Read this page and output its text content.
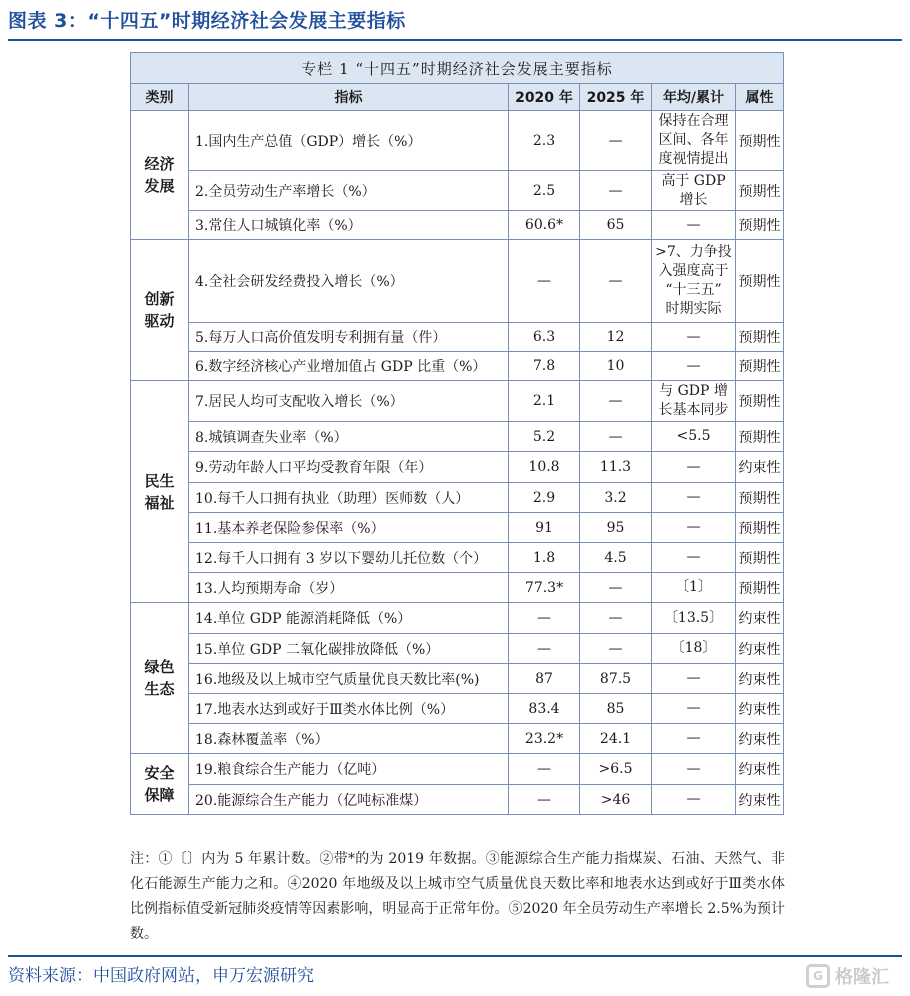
图表 3：“十四五”时期经济社会发展主要指标
专栏 1 “十四五”时期经济社会发展主要指标					
类别	指标	2020 年	2025 年	年均/累计	属性
经济
发展	1.国内生产总值（GDP）增长（%）	2.3	—	保持在合理
区间、各年
度视情提出	预期性
	2.全员劳动生产率增长（%）	2.5	—	高于 GDP
增长	预期性
	3.常住人口城镇化率（%）	60.6*	65	—	预期性
创新
驱动	4.全社会研发经费投入增长（%）	—	—	>7、力争投
入强度高于
“十三五”
时期实际	预期性
	5.每万人口高价值发明专利拥有量（件）	6.3	12	—	预期性
	6.数字经济核心产业增加值占 GDP 比重（%）	7.8	10	—	预期性
民生
福祉	7.居民人均可支配收入增长（%）	2.1	—	与 GDP 增
长基本同步	预期性
	8.城镇调查失业率（%）	5.2	—	<5.5	预期性
	9.劳动年龄人口平均受教育年限（年）	10.8	11.3	—	约束性
	10.每千人口拥有执业（助理）医师数（人）	2.9	3.2	—	预期性
	11.基本养老保险参保率（%）	91	95	—	预期性
	12.每千人口拥有 3 岁以下婴幼儿托位数（个）	1.8	4.5	—	预期性
	13.人均预期寿命（岁）	77.3*	—	〔1〕	预期性
绿色
生态	14.单位 GDP 能源消耗降低（%）	—	—	〔13.5〕	约束性
	15.单位 GDP 二氧化碳排放降低（%）	—	—	〔18〕	约束性
	16.地级及以上城市空气质量优良天数比率(%)	87	87.5	—	约束性
	17.地表水达到或好于Ⅲ类水体比例（%）	83.4	85	—	约束性
	18.森林覆盖率（%）	23.2*	24.1	—	约束性
安全
保障	19.粮食综合生产能力（亿吨）	—	>6.5	—	约束性
	20.能源综合生产能力（亿吨标准煤）	—	>46	—	约束性
注：①〔〕内为 5 年累计数。②带*的为 2019 年数据。③能源综合生产能力指煤炭、石油、天然气、非化石能源生产能力之和。④2020 年地级及以上城市空气质量优良天数比率和地表水达到或好于Ⅲ类水体比例指标值受新冠肺炎疫情等因素影响，明显高于正常年份。⑤2020 年全员劳动生产率增长 2.5%为预计数。
资料来源：中国政府网站，申万宏源研究	G 格隆汇
